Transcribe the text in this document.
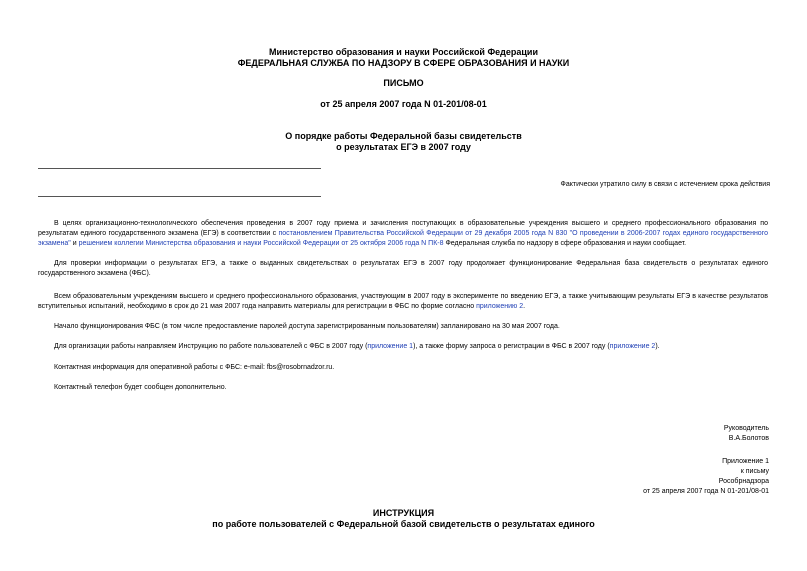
Министерство образования и науки Российской Федерации
ФЕДЕРАЛЬНАЯ СЛУЖБА ПО НАДЗОРУ В СФЕРЕ ОБРАЗОВАНИЯ И НАУКИ
ПИСЬМО
от 25 апреля 2007 года N 01-201/08-01
О порядке работы Федеральной базы свидетельств
о результатах ЕГЭ в 2007 году
Фактически утратило силу в связи с истечением срока действия
В целях организационно-технологического обеспечения проведения в 2007 году приема и зачисления поступающих в образовательные учреждения высшего и среднего профессионального образования по результатам единого государственного экзамена (ЕГЭ) в соответствии с постановлением Правительства Российской Федерации от 29 декабря 2005 года N 830 "О проведении в 2006-2007 годах единого государственного экзамена" и решением коллегии Министерства образования и науки Российской Федерации от 25 октября 2006 года N ПК-8 Федеральная служба по надзору в сфере образования и науки сообщает.
Для проверки информации о результатах ЕГЭ, а также о выданных свидетельствах о результатах ЕГЭ в 2007 году продолжает функционирование Федеральная база свидетельств о результатах единого государственного экзамена (ФБС).
Всем образовательным учреждениям высшего и среднего профессионального образования, участвующим в 2007 году в эксперименте по введению ЕГЭ, а также учитывающим результаты ЕГЭ в качестве результатов вступительных испытаний, необходимо в срок до 21 мая 2007 года направить материалы для регистрации в ФБС по форме согласно приложению 2.
Начало функционирования ФБС (в том числе предоставление паролей доступа зарегистрированным пользователям) запланировано на 30 мая 2007 года.
Для организации работы направляем Инструкцию по работе пользователей с ФБС в 2007 году (приложение 1), а также форму запроса о регистрации в ФБС в 2007 году (приложение 2).
Контактная информация для оперативной работы с ФБС: e-mail: fbs@rosobrnadzor.ru.
Контактный телефон будет сообщен дополнительно.
Руководитель
В.А.Болотов
Приложение 1
к письму
Рособрнадзора
от 25 апреля 2007 года N 01-201/08-01
ИНСТРУКЦИЯ
по работе пользователей с Федеральной базой свидетельств о результатах единого
